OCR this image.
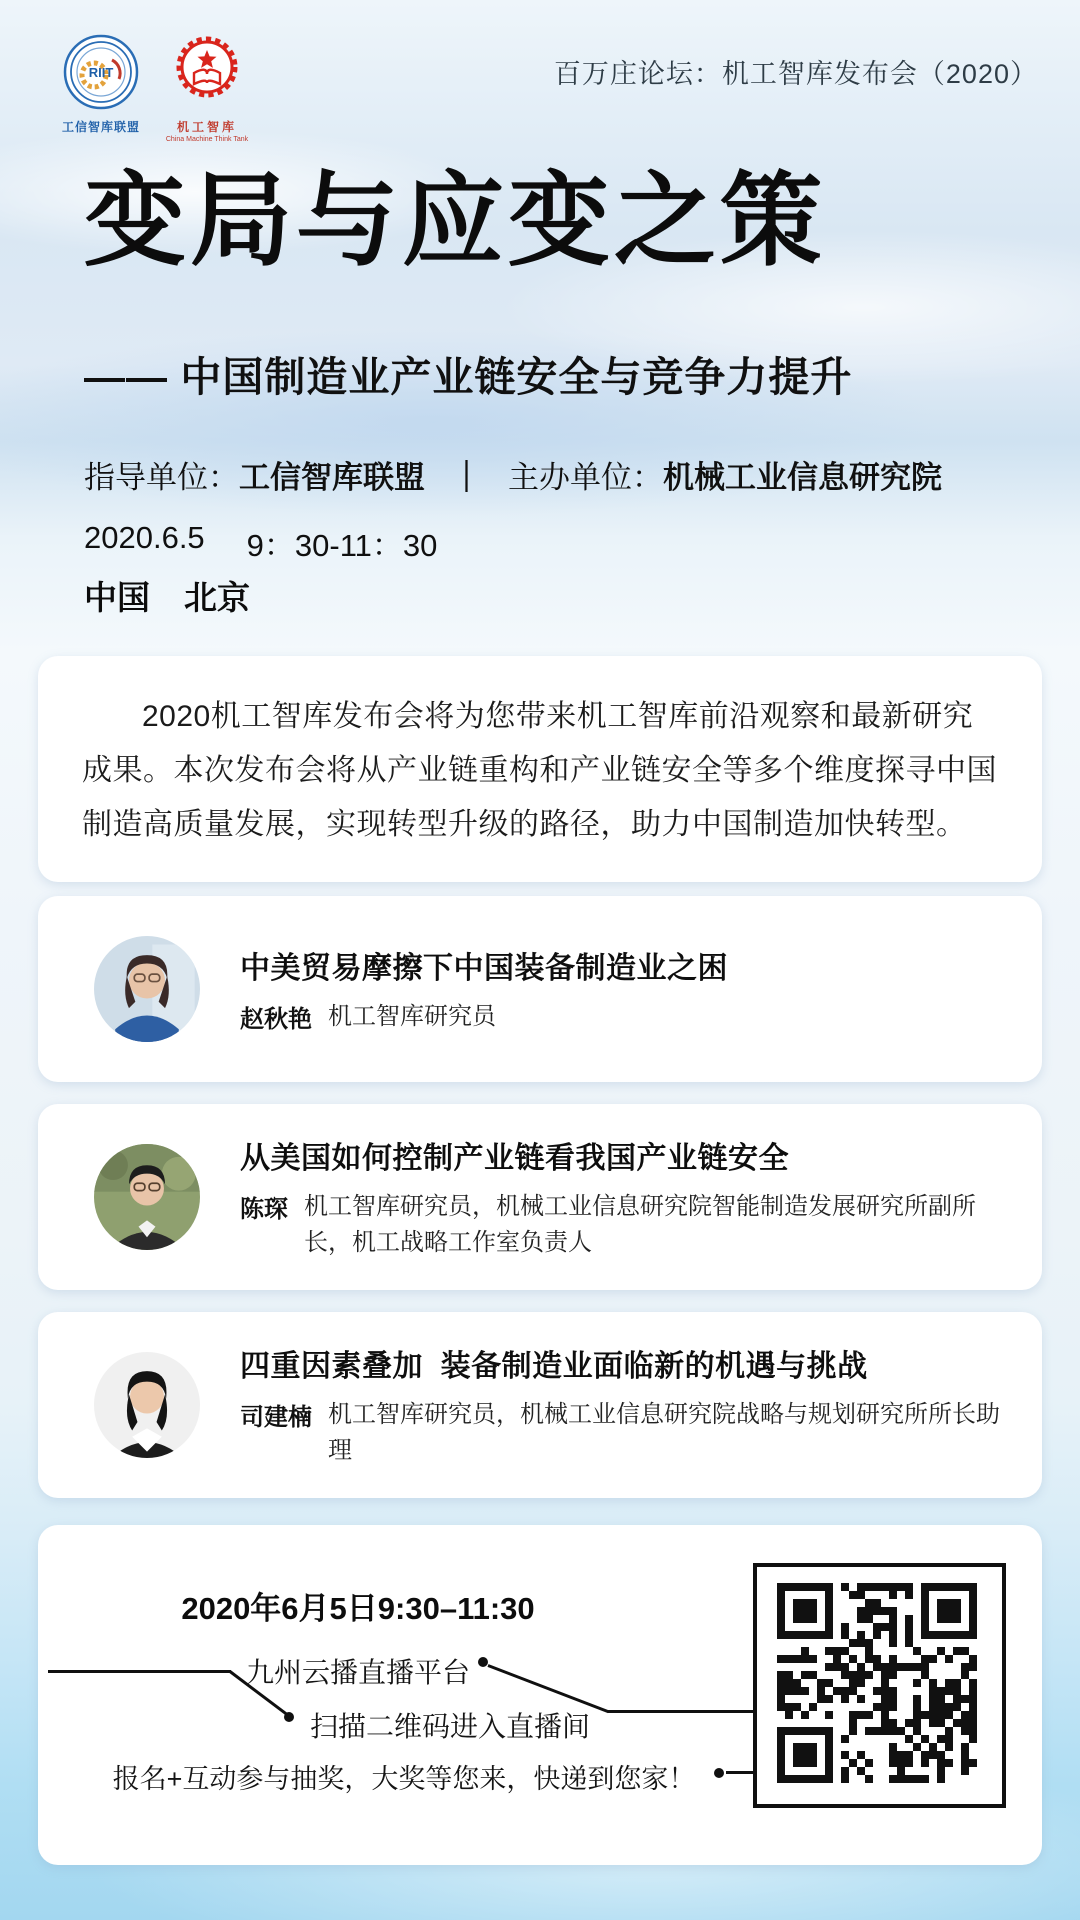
RIIT
工信智库联盟	机工智库
China Machine Think Tank
百万庄论坛：机工智库发布会（2020）
变局与应变之策
—— 中国制造业产业链安全与竞争力提升
指导单位： 工信智库联盟 ｜ 主办单位： 机械工业信息研究院
2020.6.5 9：30-11：30
中国 北京

2020机工智库发布会将为您带来机工智库前沿观察和最新研究成果。本次发布会将从产业链重构和产业链安全等多个维度探寻中国制造高质量发展，实现转型升级的路径，助力中国制造加快转型。

中美贸易摩擦下中国装备制造业之困
赵秋艳 机工智库研究员
从美国如何控制产业链看我国产业链安全
陈琛 机工智库研究员，机械工业信息研究院智能制造发展研究所副所长，机工战略工作室负责人
四重因素叠加  装备制造业面临新的机遇与挑战
司建楠 机工智库研究员，机械工业信息研究院战略与规划研究所所长助理

2020年6月5日9:30–11:30

九州云播直播平台

扫描二维码进入直播间

报名+互动参与抽奖，大奖等您来，快递到您家！
